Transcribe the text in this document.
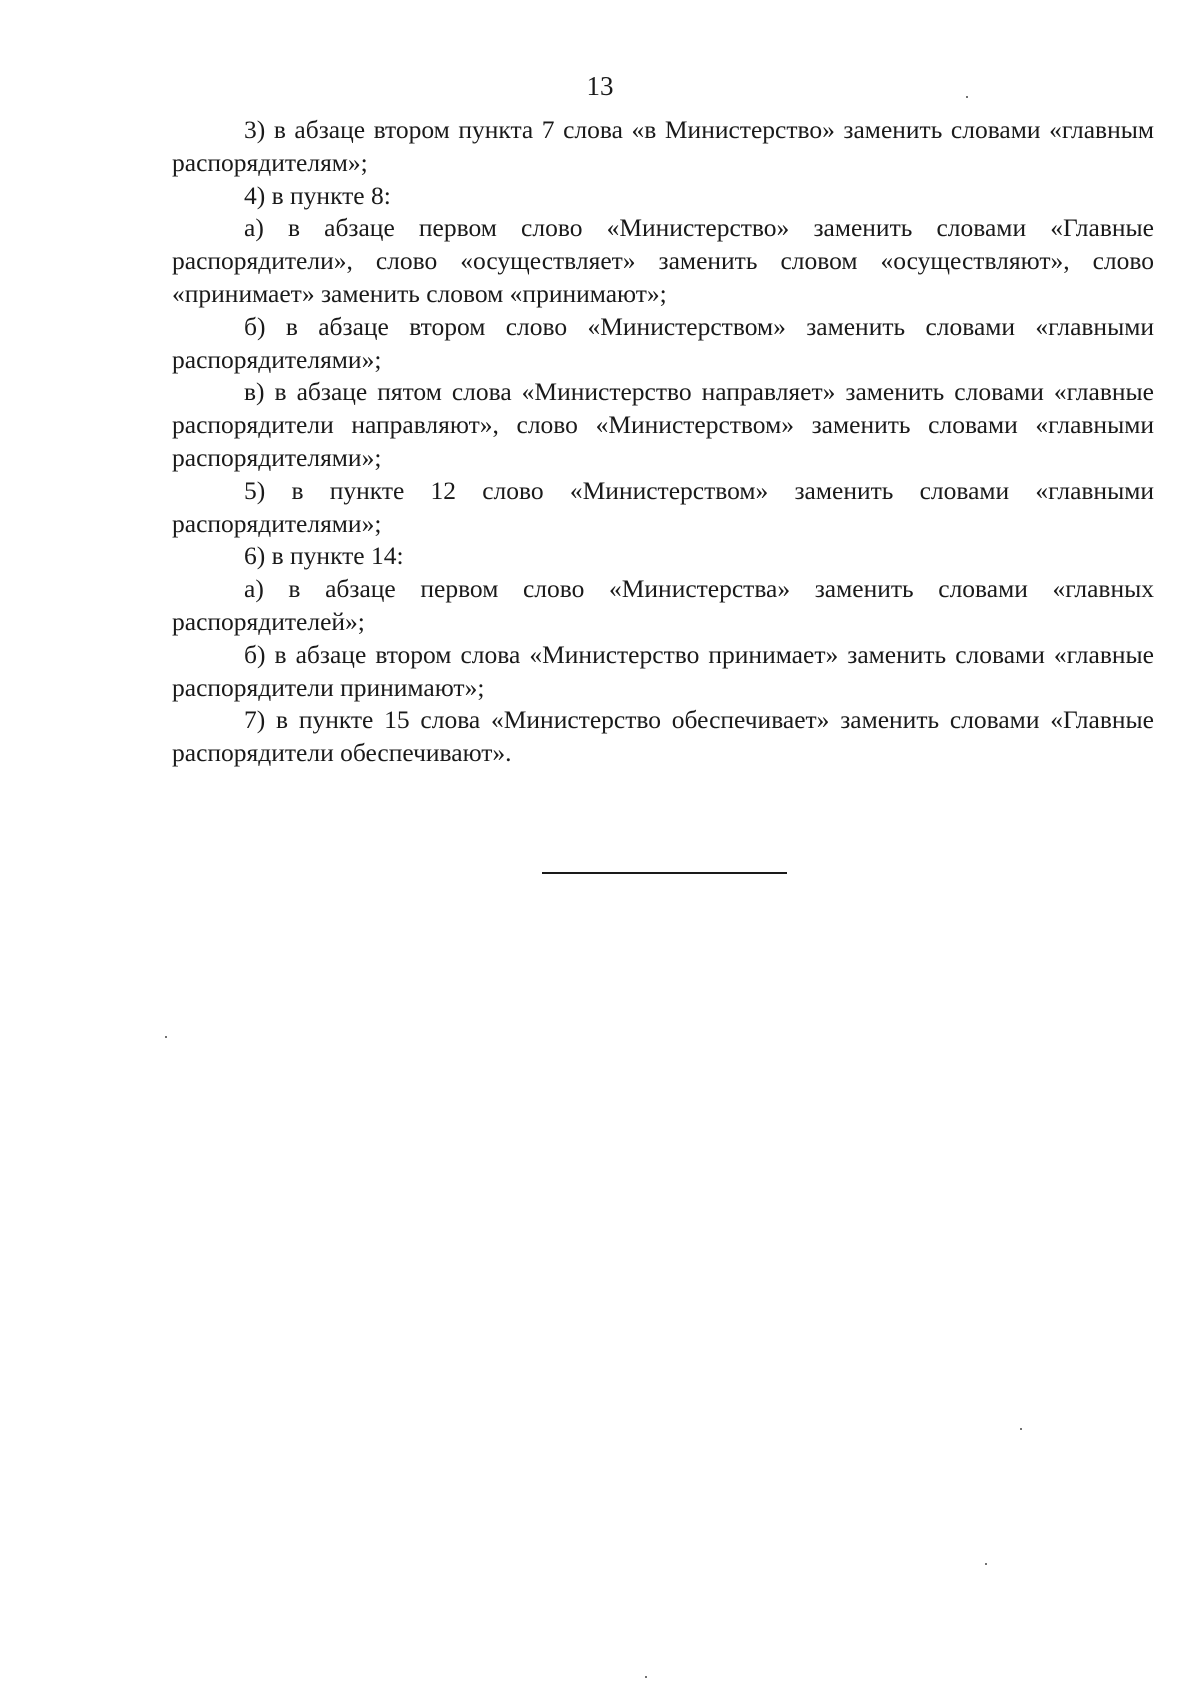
13

3) в абзаце втором пункта 7 слова «в Министерство» заменить словами «главным распорядителям»;

4) в пункте 8:

а) в абзаце первом слово «Министерство» заменить словами «Главные распорядители», слово «осуществляет» заменить словом «осуществляют», слово «принимает» заменить словом «принимают»;

б) в абзаце втором слово «Министерством» заменить словами «главными распорядителями»;

в) в абзаце пятом слова «Министерство направляет» заменить словами «главные распорядители направляют», слово «Министерством» заменить словами «главными распорядителями»;

5) в пункте 12 слово «Министерством» заменить словами «главными распорядителями»;

6) в пункте 14:

а) в абзаце первом слово «Министерства» заменить словами «главных распорядителей»;

б) в абзаце втором слова «Министерство принимает» заменить словами «главные распорядители принимают»;

7) в пункте 15 слова «Министерство обеспечивает» заменить словами «Главные распорядители обеспечивают».
